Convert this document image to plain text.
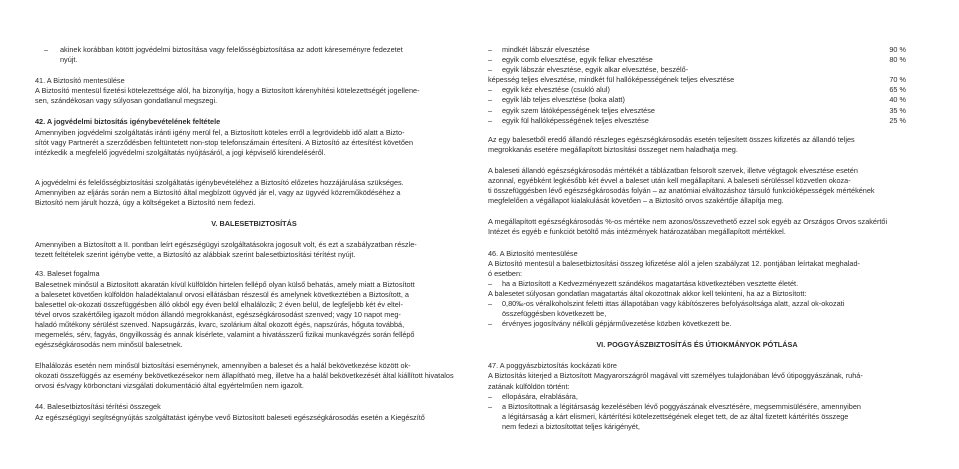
– akinek korábban kötött jogvédelmi biztosítása vagy felelősségbiztosítása az adott káreseményre fedezetet

nyújt.

41. A Biztosító mentesülése

A Biztosító mentesül fizetési kötelezettsége alól, ha bizonyítja, hogy a Biztosított kárenyhítési kötelezettségét jogellene-

sen, szándékosan vagy súlyosan gondatlanul megszegi.

42. A jogvédelmi biztosítás igénybevételének feltétele

Amennyiben jogvédelmi szolgáltatás iránti igény merül fel, a Biztosított köteles erről a legrövidebb idő alatt a Bizto-

sítót vagy Partnerét a szerződésben feltüntetett non-stop telefonszámain értesíteni. A Biztosító az értesítést követően

intézkedik a megfelelő jogvédelmi szolgáltatás nyújtásáról, a jogi képviselő kirendeléséről.

A jogvédelmi és felelősségbiztosítási szolgáltatás igénybevételéhez a Biztosító előzetes hozzájárulása szükséges.

Amennyiben az eljárás során nem a Biztosító által megbízott ügyvéd jár el, vagy az ügyvéd közreműködéséhez a

Biztosító nem járult hozzá, úgy a költségeket a Biztosító nem fedezi.

V. BALESETBIZTOSÍTÁS

Amennyiben a Biztosított a II. pontban leírt egészségügyi szolgáltatásokra jogosult volt, és ezt a szabályzatban részle-

tezett feltételek szerint igénybe vette, a Biztosító az alábbiak szerint balesetbiztosítási térítést nyújt.

43. Baleset fogalma

Balesetnek minősül a Biztosított akaratán kívül külföldön hirtelen fellépő olyan külső behatás, amely miatt a Biztosított

a balesetet követően külföldön haladéktalanul orvosi ellátásban részesül és amelynek következtében a Biztosított, a

balesettel ok-okozati összefüggésben álló okból egy éven belül elhalálozik; 2 éven belül, de legfeljebb két év eltel-

tével orvos szakértőileg igazolt módon állandó megrokkanást, egészségkárosodást szenved; vagy 10 napot meg-

haladó műtékony sérülést szenved. Napsugárzás, kvarc, szolárium által okozott égés, napszúrás, hőguta továbbá,

megemelés, sérv, fagyás, öngyilkosság és annak kísérlete, valamint a hivatásszerű fizikai munkavégzés során fellépő

egészségkárosodás nem minősül balesetnek.

Elhalálozás esetén nem minősül biztosítási eseménynek, amennyiben a baleset és a halál bekövetkezése között ok-

okozati összefüggés az esemény bekövetkezésekor nem állapítható meg, illetve ha a halál bekövetkezését által kiállított hivatalos

orvosi és/vagy körbonctani vizsgálati dokumentáció által egyértelműen nem igazolt.

44. Balesetbiztosítási térítési összegek

Az egészségügyi segítségnyújtás szolgáltatást igénybe vevő Biztosított baleseti egészségkárosodás esetén a Kiegészítő

– mindkét lábszár elvesztése	90 %
– egyik comb elvesztése, egyik felkar elvesztése	80 %
– egyik lábszár elvesztése, egyik alkar elvesztése, beszélő-
képesség teljes elvesztése, mindkét fül hallóképességének teljes elvesztése	70 %
– egyik kéz elvesztése (csukló alul)	65 %
– egyik láb teljes elvesztése (boka alatt)	40 %
– egyik szem látóképességének teljes elvesztése	35 %
– egyik fül hallóképességének teljes elvesztése	25 %

Az egy balesetből eredő állandó részleges egészségkárosodás esetén teljesített összes kifizetés az állandó teljes

megrokkanás esetére megállapított biztosítási összeget nem haladhatja meg.

A baleseti állandó egészségkárosodás mértékét a táblázatban felsorolt szervek, illetve végtagok elvesztése esetén

azonnal, egyébként legkésőbb két évvel a baleset után kell megállapítani. A baleseti sérüléssel közvetlen okoza-

ti összefüggésben lévő egészségkárosodás folyán – az anatómiai elváltozáshoz társuló funkcióképességek mértékének

megfelelően a végállapot kialakulását követően – a Biztosító orvos szakértője állapítja meg.

A megállapított egészségkárosodás %-os mértéke nem azonos/összevethető ezzel sok egyéb az Országos Orvos szakértői

Intézet és egyéb e funkciót betöltő más intézmények határozatában megállapított mértékkel.

46. A Biztosító mentesülése

A Biztosító mentesül a balesetbiztosítási összeg kifizetése alól a jelen szabályzat 12. pontjában leírtakat meghalad-

ó esetben:

– ha a Biztosított a Kedvezményezett szándékos magatartása következtében vesztette életét.

A balesetet súlyosan gondatlan magatartás által okozottnak akkor kell tekinteni, ha az a Biztosított:

– 0,80‰-os véralkoholszint feletti ittas állapotában vagy kábítószeres befolyásoltsága alatt, azzal ok-okozati

összefüggésben következett be,

– érvényes jogosítvány nélküli gépjárművezetése közben következett be.

VI. POGGYÁSZBIZTOSÍTÁS ÉS ÚTIOKMÁNYOK PÓTLÁSA

47. A poggyászbiztosítás kockázati köre

A Biztosítás kiterjed a Biztosított Magyarországról magával vitt személyes tulajdonában lévő útipoggyászának, ruhá-

zatának külföldön történt:

– ellopására, elrablására,

– a Biztosítottnak a légitársaság kezelésében lévő poggyászának elvesztésére, megsemmisülésére, amennyiben

a légitársaság a kárt elismeri, kártérítési kötelezettségének eleget tett, de az által fizetett kártérítés összege

nem fedezi a biztosítottat teljes kárigényét,
